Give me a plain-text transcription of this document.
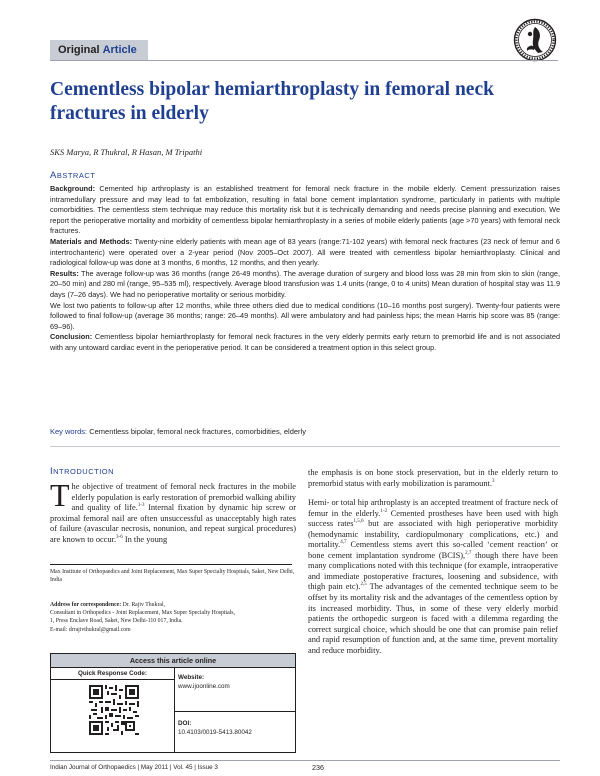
Original Article
Cementless bipolar hemiarthroplasty in femoral neck fractures in elderly
SKS Marya, R Thukral, R Hasan, M Tripathi
ABSTRACT

Background: Cemented hip arthroplasty is an established treatment for femoral neck fracture in the mobile elderly. Cement pressurization raises intramedullary pressure and may lead to fat embolization, resulting in fatal bone cement implantation syndrome, particularly in patients with multiple comorbidities. The cementless stem technique may reduce this mortality risk but it is technically demanding and needs precise planning and execution. We report the perioperative mortality and morbidity of cementless bipolar hemiarthroplasty in a series of mobile elderly patients (age >70 years) with femoral neck fractures.

Materials and Methods: Twenty-nine elderly patients with mean age of 83 years (range:71-102 years) with femoral neck fractures (23 neck of femur and 6 intertrochanteric) were operated over a 2-year period (Nov 2005–Oct 2007). All were treated with cementless bipolar hemiarthroplasty. Clinical and radiological follow-up was done at 3 months, 6 months, 12 months, and then yearly.

Results: The average follow-up was 36 months (range 26-49 months). The average duration of surgery and blood loss was 28 min from skin to skin (range, 20–50 min) and 280 ml (range, 95–535 ml), respectively. Average blood transfusion was 1.4 units (range, 0 to 4 units) Mean duration of hospital stay was 11.9 days (7–26 days). We had no perioperative mortality or serious morbidity.

We lost two patients to follow-up after 12 months, while three others died due to medical conditions (10–16 months post surgery). Twenty-four patients were followed to final follow-up (average 36 months; range: 26–49 months). All were ambulatory and had painless hips; the mean Harris hip score was 85 (range: 69–96).

Conclusion: Cementless bipolar hemiarthroplasty for femoral neck fractures in the very elderly permits early return to premorbid life and is not associated with any untoward cardiac event in the perioperative period. It can be considered a treatment option in this select group.

Key words: Cementless bipolar, femoral neck fractures, comorbidities, elderly
INTRODUCTION
The objective of treatment of femoral neck fractures in the mobile elderly population is early restoration of premorbid walking ability and quality of life.$^{1-3}$ Internal fixation by dynamic hip screw or proximal femoral nail are often unsuccessful as unacceptably high rates of failure (avascular necrosis, nonunion, and repeat surgical procedures) are known to occur.$^{3-6}$ In the young

the emphasis is on bone stock preservation, but in the elderly return to premorbid status with early mobilization is paramount.$^3$

Hemi- or total hip arthroplasty is an accepted treatment of fracture neck of femur in the elderly.$^{1-2}$ Cemented prostheses have been used with high success rates$^{1,5,6}$ but are associated with high perioperative morbidity (hemodynamic instability, cardiopulmonary complications, etc.) and mortality.$^{4,7}$ Cementless stems avert this so-called ‘cement reaction’ or bone cement implantation syndrome (BCIS),$^{2,7}$ though there have been many complications noted with this technique (for example, intraoperative and immediate postoperative fractures, loosening and subsidence, with thigh pain etc).$^{2,5}$ The advantages of the cemented technique seem to be offset by its mortality risk and the advantages of the cementless option by its increased morbidity. Thus, in some of these very elderly morbid patients the orthopedic surgeon is faced with a dilemma regarding the correct surgical choice, which should be one that can promise pain relief and rapid resumption of function and, at the same time, prevent mortality and reduce morbidity.

Max Institute of Orthopaedics and Joint Replacement, Max Super Specialty Hospitals, Saket, New Delhi, India
Address for correspondence: Dr. Rajiv Thukral,
Consultant in Orthopedics - Joint Replacement, Max Super Specialty Hospitals,
1, Press Enclave Road, Saket, New Delhi-110 017, India.
E-mail: drrajivthukral@gmail.com
Access this article online
Quick Response Code:
Website:
www.ijoonline.com
DOI:
10.4103/0019-5413.80042
Indian Journal of Orthopaedics | May 2011 | Vol. 45 | Issue 3	236
